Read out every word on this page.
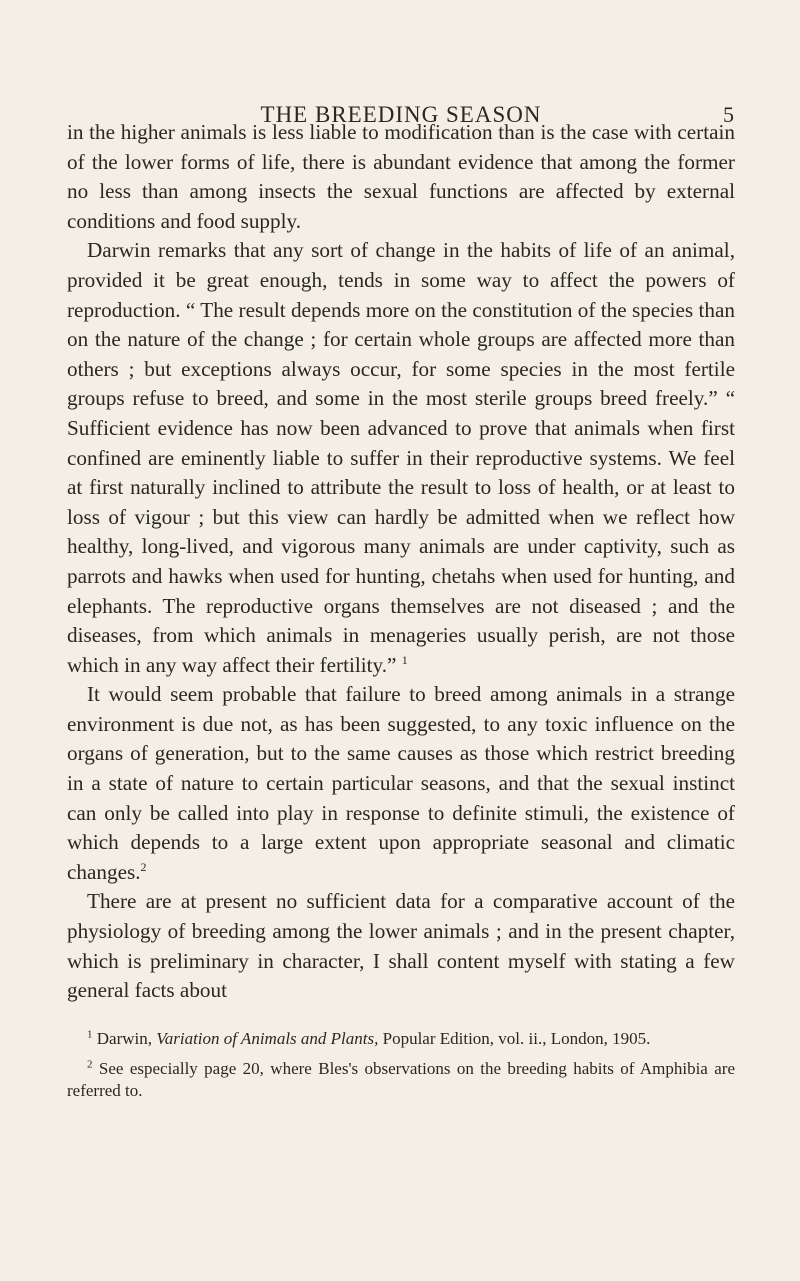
THE BREEDING SEASON	5

in the higher animals is less liable to modification than is the case with certain of the lower forms of life, there is abundant evidence that among the former no less than among insects the sexual functions are affected by external conditions and food supply.

Darwin remarks that any sort of change in the habits of life of an animal, provided it be great enough, tends in some way to affect the powers of reproduction. “ The result depends more on the constitution of the species than on the nature of the change ; for certain whole groups are affected more than others ; but exceptions always occur, for some species in the most fertile groups refuse to breed, and some in the most sterile groups breed freely.” “ Sufficient evidence has now been advanced to prove that animals when first confined are eminently liable to suffer in their reproductive systems. We feel at first naturally inclined to attribute the result to loss of health, or at least to loss of vigour ; but this view can hardly be admitted when we reflect how healthy, long-lived, and vigorous many animals are under captivity, such as parrots and hawks when used for hunting, chetahs when used for hunting, and elephants. The reproductive organs themselves are not diseased ; and the diseases, from which animals in menageries usually perish, are not those which in any way affect their fertility.” $^1$

It would seem probable that failure to breed among animals in a strange environment is due not, as has been suggested, to any toxic influence on the organs of generation, but to the same causes as those which restrict breeding in a state of nature to certain particular seasons, and that the sexual instinct can only be called into play in response to definite stimuli, the existence of which depends to a large extent upon appropriate seasonal and climatic changes.$^2$

There are at present no sufficient data for a comparative account of the physiology of breeding among the lower animals ; and in the present chapter, which is preliminary in character, I shall content myself with stating a few general facts about

$^1$ Darwin, Variation of Animals and Plants, Popular Edition, vol. ii., London, 1905.

$^2$ See especially page 20, where Bles's observations on the breeding habits of Amphibia are referred to.
